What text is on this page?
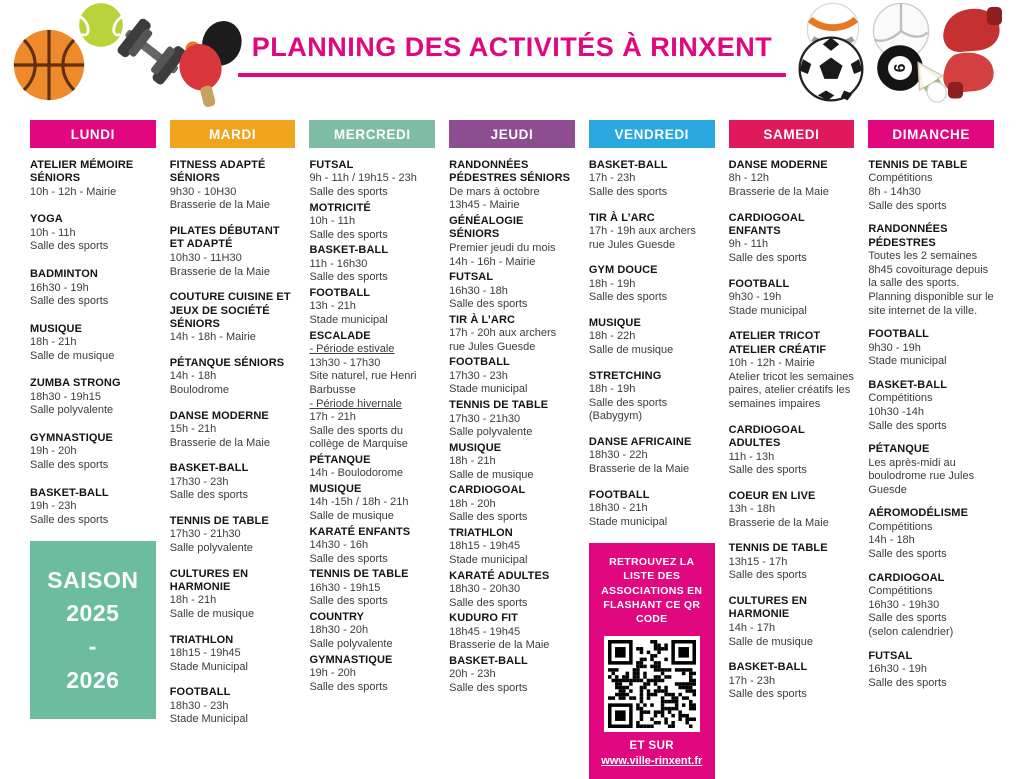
PLANNING DES ACTIVITÉS À RINXENT
9
LUNDI
ATELIER MÉMOIRE SÉNIORS
10h - 12h - Mairie
YOGA
10h - 11h
Salle des sports
BADMINTON
16h30 - 19h
Salle des sports
MUSIQUE
18h - 21h
Salle de musique
ZUMBA STRONG
18h30 - 19h15
Salle polyvalente
GYMNASTIQUE
19h - 20h
Salle des sports
BASKET-BALL
19h - 23h
Salle des sports
SAISON
2025
-
2026
MARDI
FITNESS ADAPTÉ SÉNIORS
9h30 - 10H30
Brasserie de la Maie
PILATES DÉBUTANT ET ADAPTÉ
10h30 - 11H30
Brasserie de la Maie
COUTURE CUISINE ET JEUX DE SOCIÉTÉ SÉNIORS
14h - 18h - Mairie
PÉTANQUE SÉNIORS
14h - 18h
Boulodrome
DANSE MODERNE
15h - 21h
Brasserie de la Maie
BASKET-BALL
17h30 - 23h
Salle des sports
TENNIS DE TABLE
17h30 - 21h30
Salle polyvalente
CULTURES EN HARMONIE
18h - 21h
Salle de musique
TRIATHLON
18h15 - 19h45
Stade Municipal
FOOTBALL
18h30 - 23h
Stade Municipal
MERCREDI
FUTSAL
9h - 11h / 19h15 - 23h
Salle des sports
MOTRICITÉ
10h - 11h
Salle des sports
BASKET-BALL
11h - 16h30
Salle des sports
FOOTBALL
13h - 21h
Stade municipal
ESCALADE
- Période estivale
13h30 - 17h30
Site naturel, rue Henri Barbusse
- Période hivernale
17h - 21h
Salle des sports du collège de Marquise
PÉTANQUE
14h - Boulodorome
MUSIQUE
14h -15h / 18h - 21h
Salle de musique
KARATÉ ENFANTS
14h30 - 16h
Salle des sports
TENNIS DE TABLE
16h30 - 19h15
Salle des sports
COUNTRY
18h30 - 20h
Salle polyvalente
GYMNASTIQUE
19h - 20h
Salle des sports
JEUDI
RANDONNÉES PÉDESTRES SÉNIORS
De mars à octobre
13h45 - Mairie
GÉNÉALOGIE SÉNIORS
Premier jeudi du mois
14h - 16h - Mairie
FUTSAL
16h30 - 18h
Salle des sports
TIR À L’ARC
17h - 20h aux archers
rue Jules Guesde
FOOTBALL
17h30 - 23h
Stade municipal
TENNIS DE TABLE
17h30 - 21h30
Salle polyvalente
MUSIQUE
18h - 21h
Salle de musique
CARDIOGOAL
18h - 20h
Salle des sports
TRIATHLON
18h15 - 19h45
Stade municipal
KARATÉ ADULTES
18h30 - 20h30
Salle des sports
KUDURO FIT
18h45 - 19h45
Brasserie de la Maie
BASKET-BALL
20h - 23h
Salle des sports
VENDREDI
BASKET-BALL
17h - 23h
Salle des sports
TIR À L’ARC
17h - 19h aux archers
rue Jules Guesde
GYM DOUCE
18h - 19h
Salle des sports
MUSIQUE
18h - 22h
Salle de musique
STRETCHING
18h - 19h
Salle des sports
(Babygym)
DANSE AFRICAINE
18h30 - 22h
Brasserie de la Maie
FOOTBALL
18h30 - 21h
Stade municipal
RETROUVEZ LA LISTE DES ASSOCIATIONS EN FLASHANT CE QR CODE
ET SUR
www.ville-rinxent.fr
SAMEDI
DANSE MODERNE
8h - 12h
Brasserie de la Maie
CARDIOGOAL ENFANTS
9h - 11h
Salle des sports
FOOTBALL
9h30 - 19h
Stade municipal
ATELIER TRICOT ATELIER CRÉATIF
10h - 12h - Mairie
Atelier tricot les semaines paires, atelier créatifs les semaines impaires
CARDIOGOAL ADULTES
11h - 13h
Salle des sports
COEUR EN LIVE
13h - 18h
Brasserie de la Maie
TENNIS DE TABLE
13h15 - 17h
Salle des sports
CULTURES EN HARMONIE
14h - 17h
Salle de musique
BASKET-BALL
17h - 23h
Salle des sports
DIMANCHE
TENNIS DE TABLE
Compétitions
8h - 14h30
Salle des sports
RANDONNÉES PÉDESTRES
Toutes les 2 semaines 8h45 covoiturage depuis la salle des sports. Planning disponible sur le site internet de la ville.
FOOTBALL
9h30 - 19h
Stade municipal
BASKET-BALL
Compétitions
10h30 -14h
Salle des sports
PÉTANQUE
Les après-midi au boulodrome rue Jules Guesde
AÉROMODÉLISME
Compétitions
14h - 18h
Salle des sports
CARDIOGOAL
Compétitions
16h30 - 19h30
Salle des sports
(selon calendrier)
FUTSAL
16h30 - 19h
Salle des sports
